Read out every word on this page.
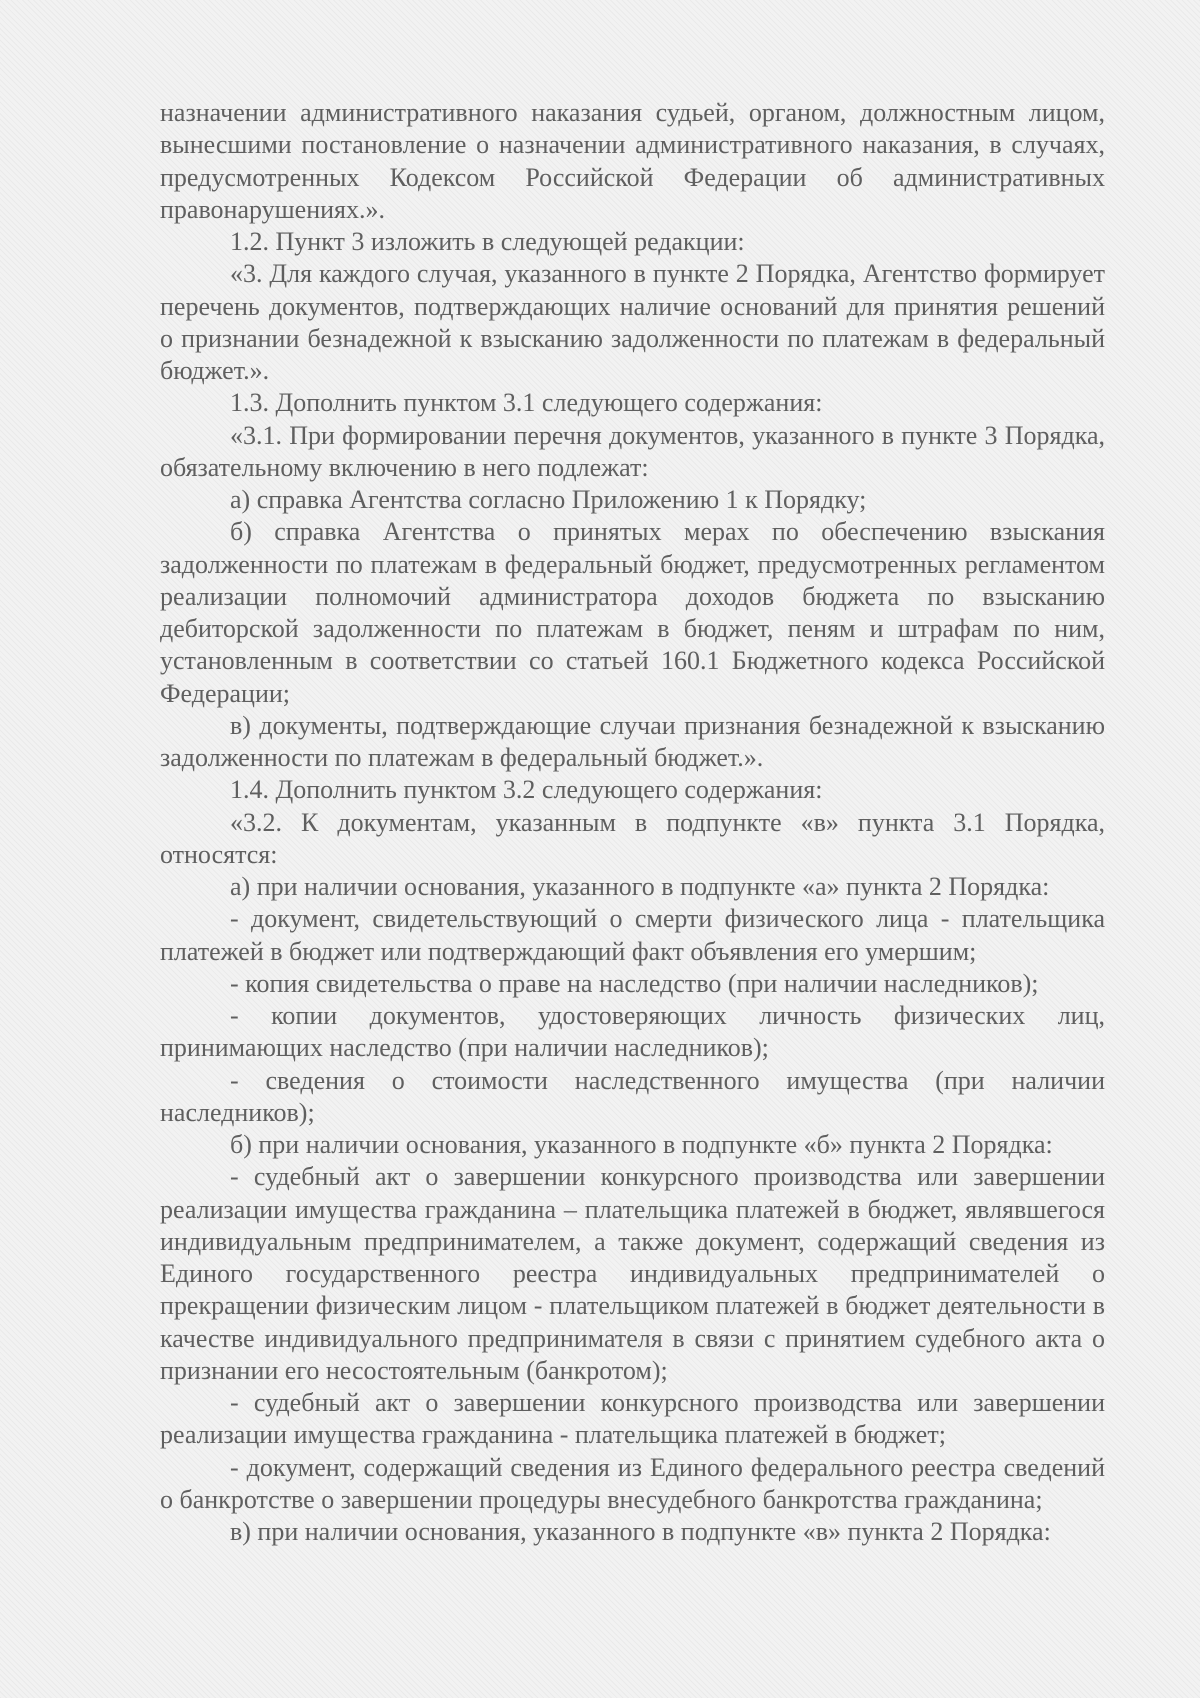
назначении административного наказания судьей, органом, должностным лицом, вынесшими постановление о назначении административного наказания, в случаях, предусмотренных Кодексом Российской Федерации об административных правонарушениях.».

1.2. Пункт 3 изложить в следующей редакции:

«3. Для каждого случая, указанного в пункте 2 Порядка, Агентство формирует перечень документов, подтверждающих наличие оснований для принятия решений о признании безнадежной к взысканию задолженности по платежам в федеральный бюджет.».

1.3. Дополнить пунктом 3.1 следующего содержания:

«3.1. При формировании перечня документов, указанного в пункте 3 Порядка, обязательному включению в него подлежат:

а) справка Агентства согласно Приложению 1 к Порядку;

б) справка Агентства о принятых мерах по обеспечению взыскания задолженности по платежам в федеральный бюджет, предусмотренных регламентом реализации полномочий администратора доходов бюджета по взысканию дебиторской задолженности по платежам в бюджет, пеням и штрафам по ним, установленным в соответствии со статьей 160.1 Бюджетного кодекса Российской Федерации;

в) документы, подтверждающие случаи признания безнадежной к взысканию задолженности по платежам в федеральный бюджет.».

1.4. Дополнить пунктом 3.2 следующего содержания:

«3.2. К документам, указанным в подпункте «в» пункта 3.1 Порядка, относятся:

а) при наличии основания, указанного в подпункте «а» пункта 2 Порядка:

- документ, свидетельствующий о смерти физического лица - плательщика платежей в бюджет или подтверждающий факт объявления его умершим;

- копия свидетельства о праве на наследство (при наличии наследников);

- копии документов, удостоверяющих личность физических лиц, принимающих наследство (при наличии наследников);

- сведения о стоимости наследственного имущества (при наличии наследников);

б) при наличии основания, указанного в подпункте «б» пункта 2 Порядка:

- судебный акт о завершении конкурсного производства или завершении реализации имущества гражданина – плательщика платежей в бюджет, являвшегося индивидуальным предпринимателем, а также документ, содержащий сведения из Единого государственного реестра индивидуальных предпринимателей о прекращении физическим лицом - плательщиком платежей в бюджет деятельности в качестве индивидуального предпринимателя в связи с принятием судебного акта о признании его несостоятельным (банкротом);

- судебный акт о завершении конкурсного производства или завершении реализации имущества гражданина - плательщика платежей в бюджет;

- документ, содержащий сведения из Единого федерального реестра сведений о банкротстве о завершении процедуры внесудебного банкротства гражданина;

в) при наличии основания, указанного в подпункте «в» пункта 2 Порядка:
